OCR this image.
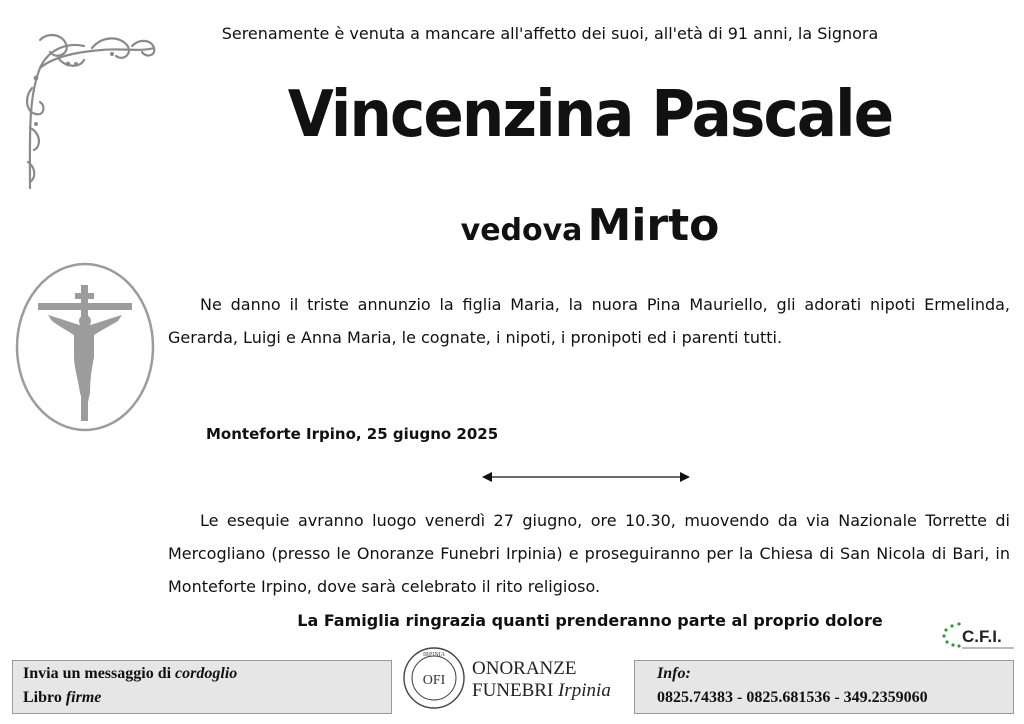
Serenamente è venuta a mancare all'affetto dei suoi, all'età di 91 anni, la Signora
Vincenzina Pascale
vedova Mirto
Ne danno il triste annunzio la figlia Maria, la nuora Pina Mauriello, gli adorati nipoti Ermelinda, Gerarda, Luigi e Anna Maria, le cognate, i nipoti, i pronipoti ed i parenti tutti.
Monteforte Irpino, 25 giugno 2025
Le esequie avranno luogo venerdì 27 giugno, ore 10.30, muovendo da via Nazionale Torrette di Mercogliano (presso le Onoranze Funebri Irpinia) e proseguiranno per la Chiesa di San Nicola di Bari, in Monteforte Irpino, dove sarà celebrato il rito religioso.
La Famiglia ringrazia quanti prenderanno parte al proprio dolore
C.F.I.
Invia un messaggio di cordoglio
Libro firme
IRPINIA
OFI
ONORANZE
FUNEBRI Irpinia
Info:
0825.74383 - 0825.681536 - 349.2359060
